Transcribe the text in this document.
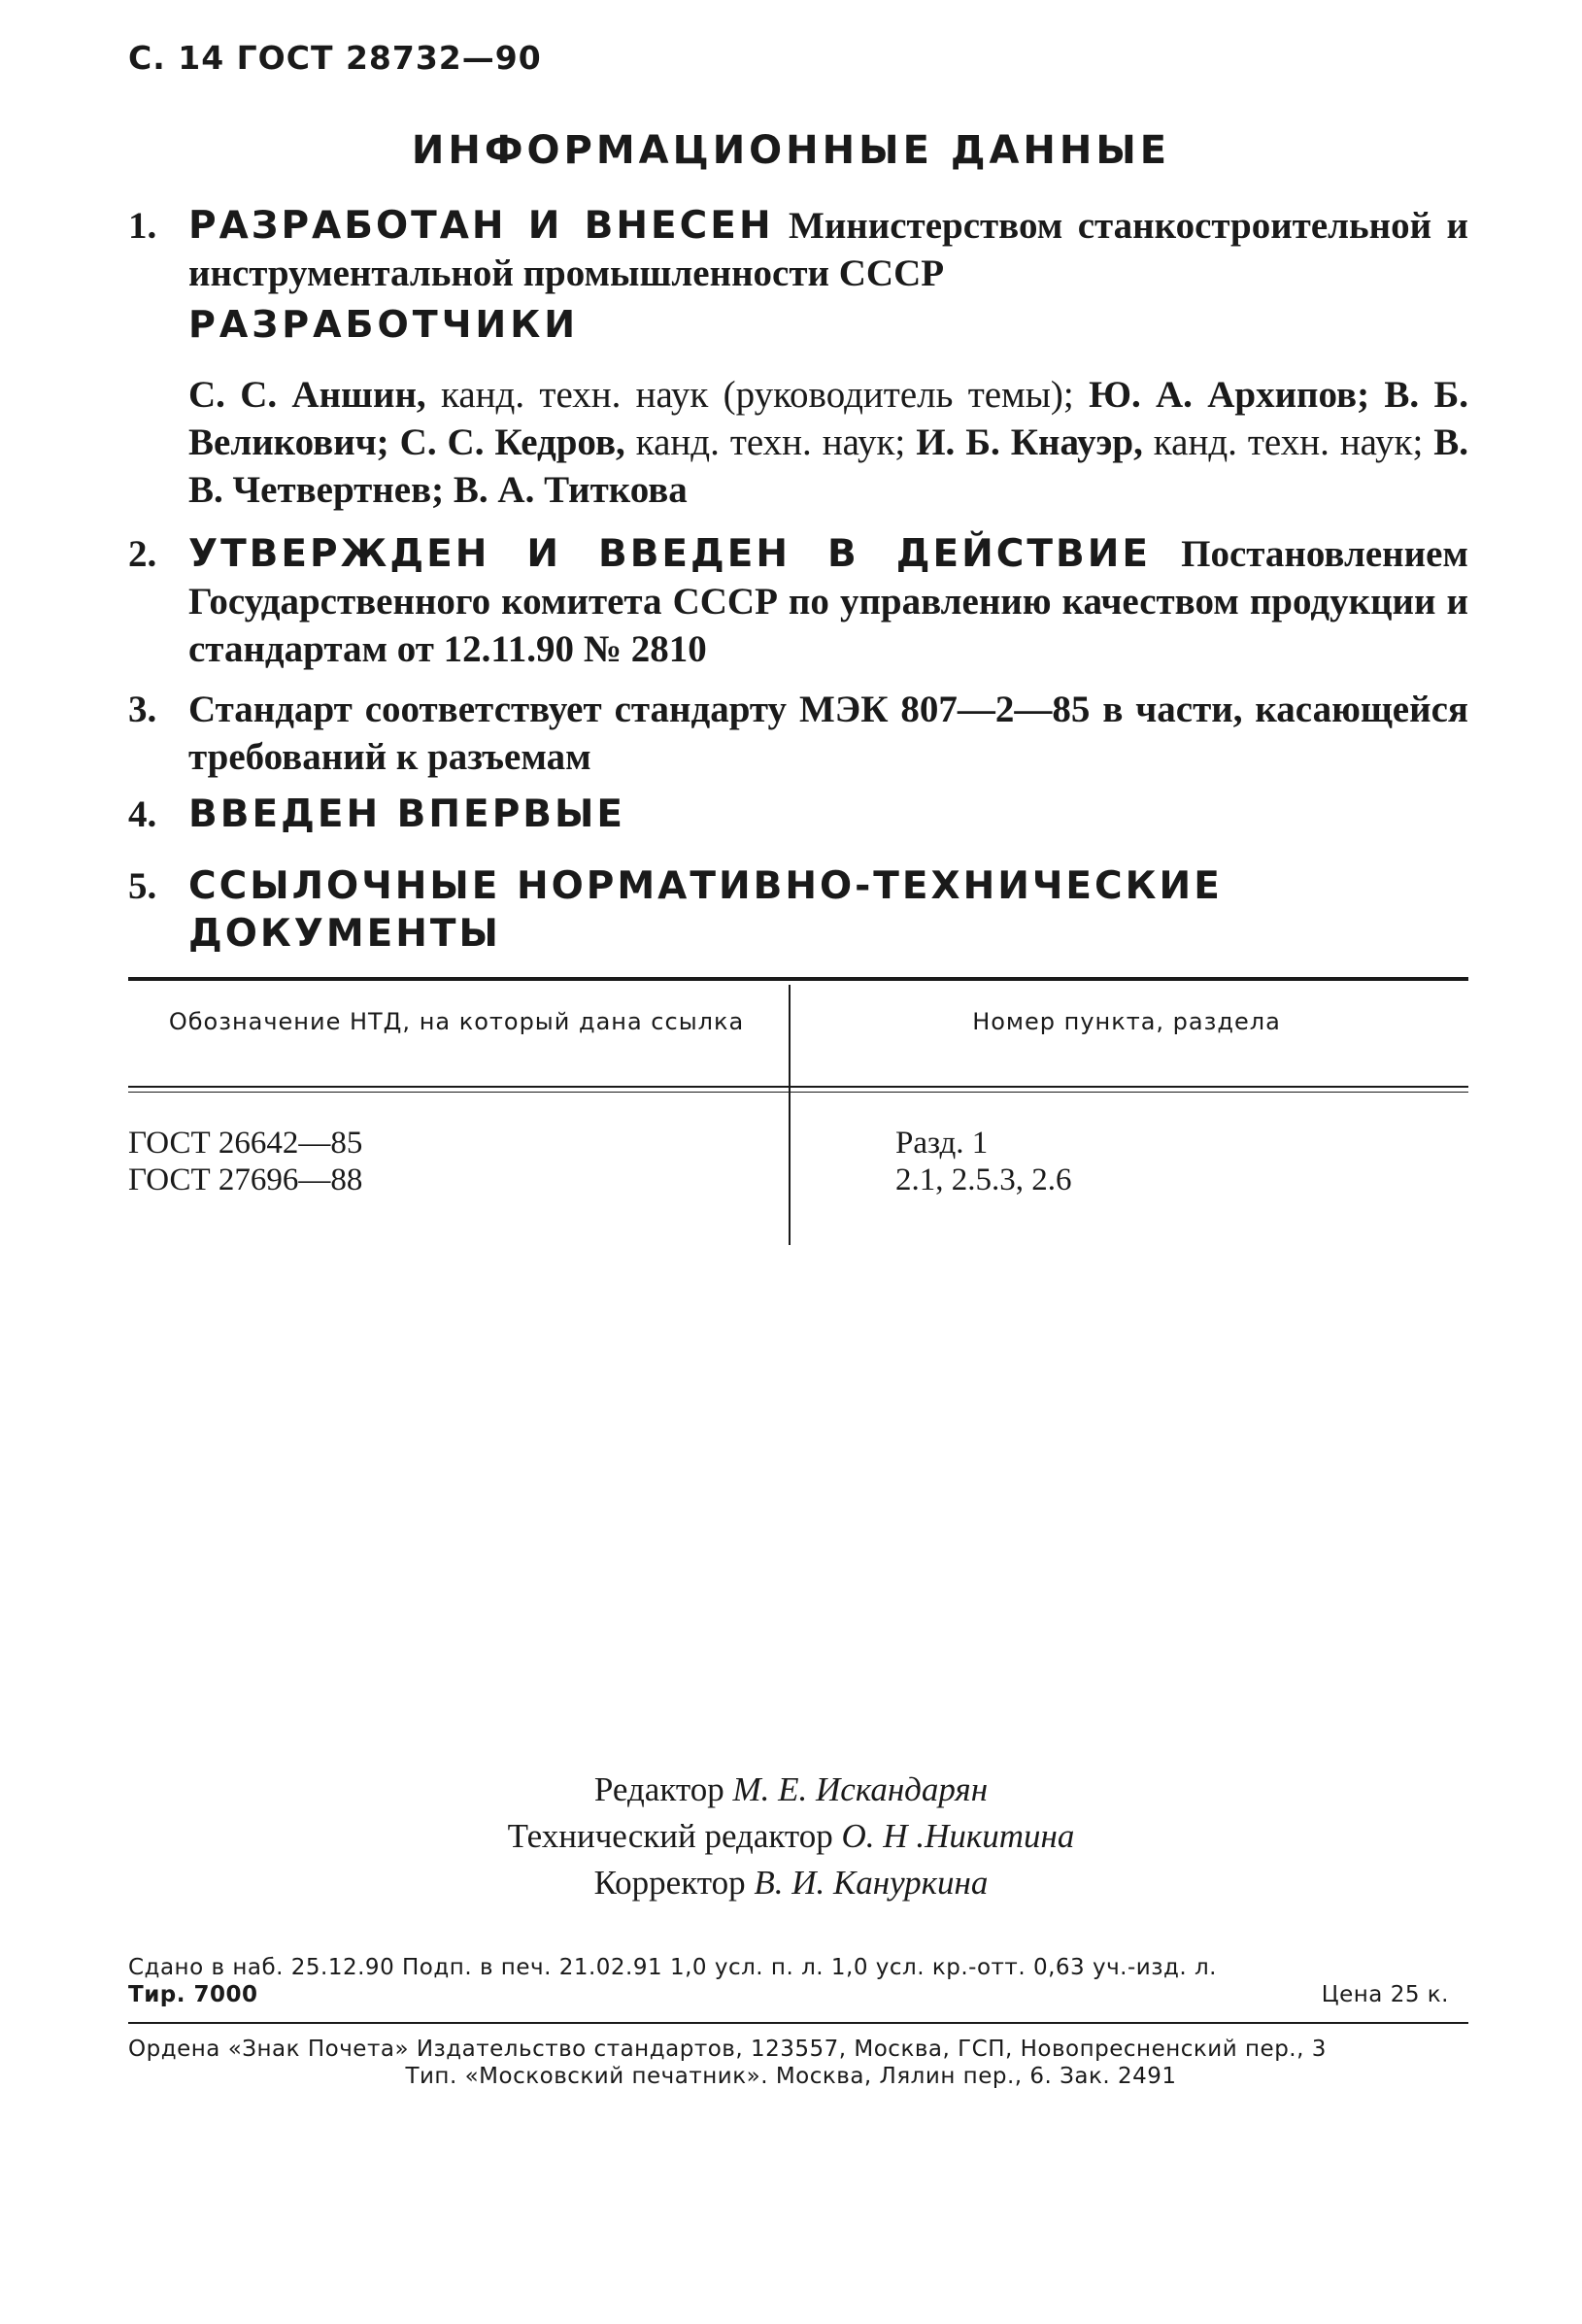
С. 14 ГОСТ 28732—90
ИНФОРМАЦИОННЫЕ ДАННЫЕ
1. РАЗРАБОТАН И ВНЕСЕН Министерством станкостроительной и инструментальной промышленности СССР
РАЗРАБОТЧИКИ
С. С. Аншин, канд. техн. наук (руководитель темы); Ю. А. Архипов; В. Б. Великович; С. С. Кедров, канд. техн. наук; И. Б. Кнауэр, канд. техн. наук; В. В. Четвертнев; В. А. Титкова
2. УТВЕРЖДЕН И ВВЕДЕН В ДЕЙСТВИЕ Постановлением Государственного комитета СССР по управлению качеством продукции и стандартам от 12.11.90 № 2810
3. Стандарт соответствует стандарту МЭК 807—2—85 в части, касающейся требований к разъемам
4. ВВЕДЕН ВПЕРВЫЕ
5. ССЫЛОЧНЫЕ НОРМАТИВНО-ТЕХНИЧЕСКИЕ ДОКУМЕНТЫ
Обозначение НТД, на который дана ссылка	Номер пункта, раздела
ГОСТ 26642—85	Разд. 1
ГОСТ 27696—88	2.1, 2.5.3, 2.6
Редактор М. Е. Искандарян
Технический редактор О. Н .Никитина
Корректор В. И. Кануркина
Сдано в наб. 25.12.90 Подп. в печ. 21.02.91 1,0 усл. п. л. 1,0 усл. кр.-отт. 0,63 уч.-изд. л.
Тир. 7000	Цена 25 к.
Ордена «Знак Почета» Издательство стандартов, 123557, Москва, ГСП, Новопресненский пер., 3
Тип. «Московский печатник». Москва, Лялин пер., 6. Зак. 2491
